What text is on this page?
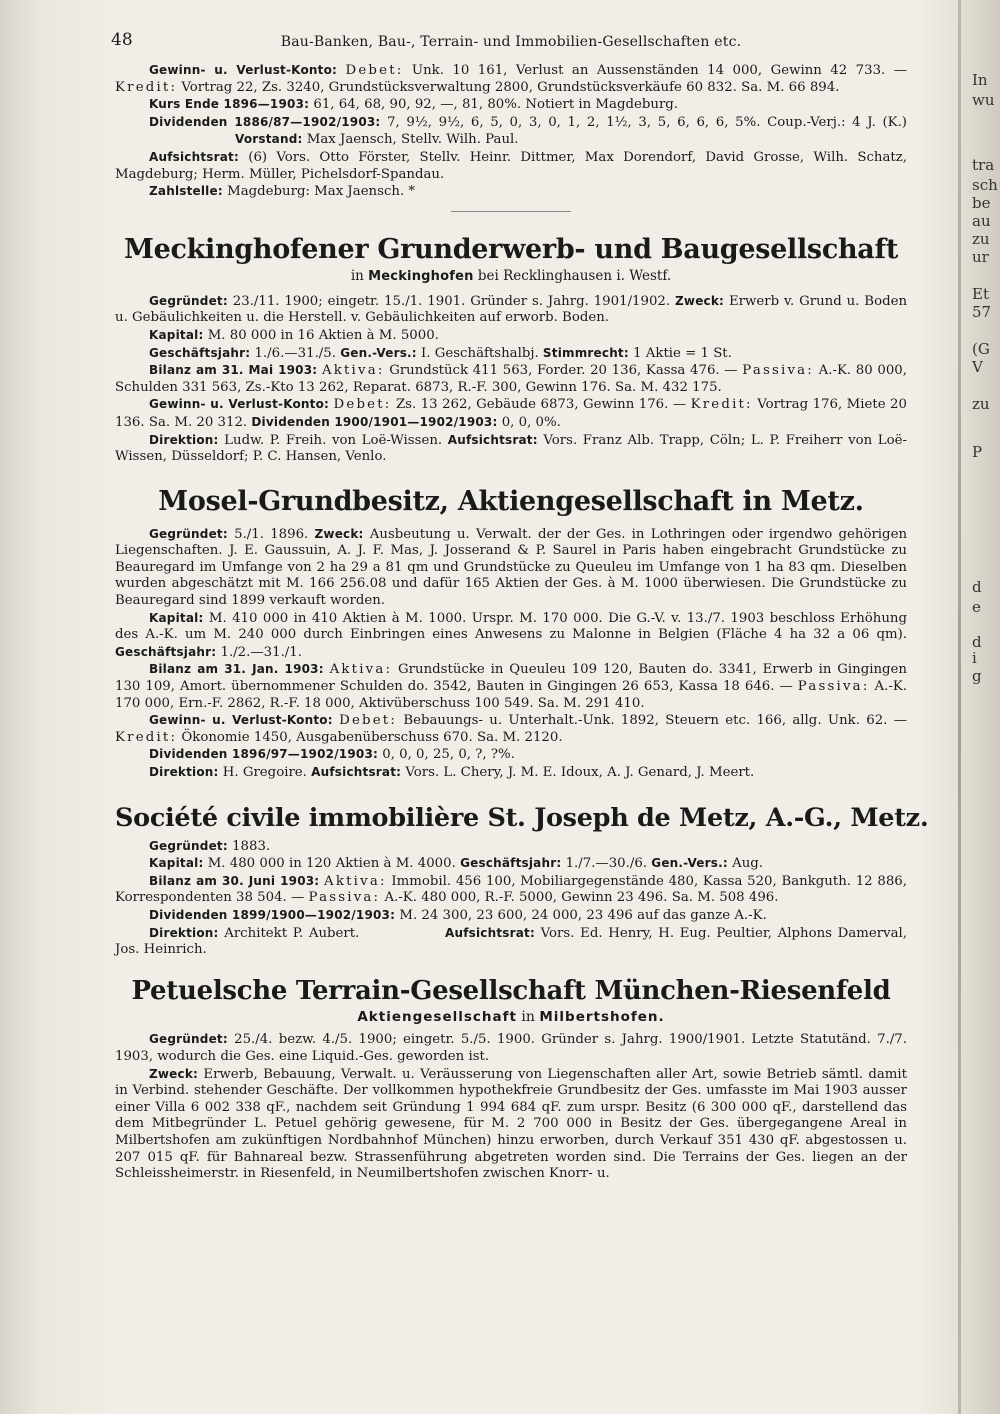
In
wu
tra
sch
be
au
zu
ur
Et
57
(G
V
zu
P
d
e
d
i
g
48	Bau-Banken, Bau-, Terrain- und Immobilien-Gesellschaften etc.

Gewinn- u. Verlust-Konto: Debet: Unk. 10 161, Verlust an Aussenständen 14 000, Gewinn 42 733. — Kredit: Vortrag 22, Zs. 3240, Grundstücksverwaltung 2800, Grundstücksverkäufe 60 832. Sa. M. 66 894.

Kurs Ende 1896—1903: 61, 64, 68, 90, 92, —, 81, 80%. Notiert in Magdeburg.

Dividenden 1886/87—1902/1903: 7, 9½, 9½, 6, 5, 0, 3, 0, 1, 2, 1½, 3, 5, 6, 6, 6, 5%. Coup.-Verj.: 4 J. (K.) Vorstand: Max Jaensch, Stellv. Wilh. Paul.

Aufsichtsrat: (6) Vors. Otto Förster, Stellv. Heinr. Dittmer, Max Dorendorf, David Grosse, Wilh. Schatz, Magdeburg; Herm. Müller, Pichelsdorf-Spandau.

Zahlstelle: Magdeburg: Max Jaensch. *

Meckinghofener Grunderwerb- und Baugesellschaft
in Meckinghofen bei Recklinghausen i. Westf.

Gegründet: 23./11. 1900; eingetr. 15./1. 1901. Gründer s. Jahrg. 1901/1902. Zweck: Erwerb v. Grund u. Boden u. Gebäulichkeiten u. die Herstell. v. Gebäulichkeiten auf erworb. Boden.

Kapital: M. 80 000 in 16 Aktien à M. 5000.

Geschäftsjahr: 1./6.—31./5. Gen.-Vers.: I. Geschäftshalbj. Stimmrecht: 1 Aktie = 1 St.

Bilanz am 31. Mai 1903: Aktiva: Grundstück 411 563, Forder. 20 136, Kassa 476. — Passiva: A.-K. 80 000, Schulden 331 563, Zs.-Kto 13 262, Reparat. 6873, R.-F. 300, Gewinn 176. Sa. M. 432 175.

Gewinn- u. Verlust-Konto: Debet: Zs. 13 262, Gebäude 6873, Gewinn 176. — Kredit: Vortrag 176, Miete 20 136. Sa. M. 20 312. Dividenden 1900/1901—1902/1903: 0, 0, 0%.

Direktion: Ludw. P. Freih. von Loë-Wissen. Aufsichtsrat: Vors. Franz Alb. Trapp, Cöln; L. P. Freiherr von Loë-Wissen, Düsseldorf; P. C. Hansen, Venlo.

Mosel-Grundbesitz, Aktiengesellschaft in Metz.

Gegründet: 5./1. 1896. Zweck: Ausbeutung u. Verwalt. der der Ges. in Lothringen oder irgendwo gehörigen Liegenschaften. J. E. Gaussuin, A. J. F. Mas, J. Josserand & P. Saurel in Paris haben eingebracht Grundstücke zu Beauregard im Umfange von 2 ha 29 a 81 qm und Grundstücke zu Queuleu im Umfange von 1 ha 83 qm. Dieselben wurden abgeschätzt mit M. 166 256.08 und dafür 165 Aktien der Ges. à M. 1000 überwiesen. Die Grundstücke zu Beauregard sind 1899 verkauft worden.

Kapital: M. 410 000 in 410 Aktien à M. 1000. Urspr. M. 170 000. Die G.-V. v. 13./7. 1903 beschloss Erhöhung des A.-K. um M. 240 000 durch Einbringen eines Anwesens zu Malonne in Belgien (Fläche 4 ha 32 a 06 qm). Geschäftsjahr: 1./2.—31./1.

Bilanz am 31. Jan. 1903: Aktiva: Grundstücke in Queuleu 109 120, Bauten do. 3341, Erwerb in Gingingen 130 109, Amort. übernommener Schulden do. 3542, Bauten in Gingingen 26 653, Kassa 18 646. — Passiva: A.-K. 170 000, Ern.-F. 2862, R.-F. 18 000, Aktivüberschuss 100 549. Sa. M. 291 410.

Gewinn- u. Verlust-Konto: Debet: Bebauungs- u. Unterhalt.-Unk. 1892, Steuern etc. 166, allg. Unk. 62. — Kredit: Ökonomie 1450, Ausgabenüberschuss 670. Sa. M. 2120.

Dividenden 1896/97—1902/1903: 0, 0, 0, 25, 0, ?, ?%.

Direktion: H. Gregoire. Aufsichtsrat: Vors. L. Chery, J. M. E. Idoux, A. J. Genard, J. Meert.

Société civile immobilière St. Joseph de Metz, A.-G., Metz.

Gegründet: 1883.

Kapital: M. 480 000 in 120 Aktien à M. 4000. Geschäftsjahr: 1./7.—30./6. Gen.-Vers.: Aug.

Bilanz am 30. Juni 1903: Aktiva: Immobil. 456 100, Mobiliargegenstände 480, Kassa 520, Bankguth. 12 886, Korrespondenten 38 504. — Passiva: A.-K. 480 000, R.-F. 5000, Gewinn 23 496. Sa. M. 508 496.

Dividenden 1899/1900—1902/1903: M. 24 300, 23 600, 24 000, 23 496 auf das ganze A.-K.

Direktion: Architekt P. Aubert.	Aufsichtsrat: Vors. Ed. Henry, H. Eug. Peultier, Alphons Damerval, Jos. Heinrich.

Petuelsche Terrain-Gesellschaft München-Riesenfeld
Aktiengesellschaft in Milbertshofen.

Gegründet: 25./4. bezw. 4./5. 1900; eingetr. 5./5. 1900. Gründer s. Jahrg. 1900/1901. Letzte Statutänd. 7./7. 1903, wodurch die Ges. eine Liquid.-Ges. geworden ist.

Zweck: Erwerb, Bebauung, Verwalt. u. Veräusserung von Liegenschaften aller Art, sowie Betrieb sämtl. damit in Verbind. stehender Geschäfte. Der vollkommen hypothekfreie Grundbesitz der Ges. umfasste im Mai 1903 ausser einer Villa 6 002 338 qF., nachdem seit Gründung 1 994 684 qF. zum urspr. Besitz (6 300 000 qF., darstellend das dem Mitbegründer L. Petuel gehörig gewesene, für M. 2 700 000 in Besitz der Ges. übergegangene Areal in Milbertshofen am zukünftigen Nordbahnhof München) hinzu erworben, durch Verkauf 351 430 qF. abgestossen u. 207 015 qF. für Bahnareal bezw. Strassenführung abgetreten worden sind. Die Terrains der Ges. liegen an der Schleissheimerstr. in Riesenfeld, in Neumilbertshofen zwischen Knorr- u.
